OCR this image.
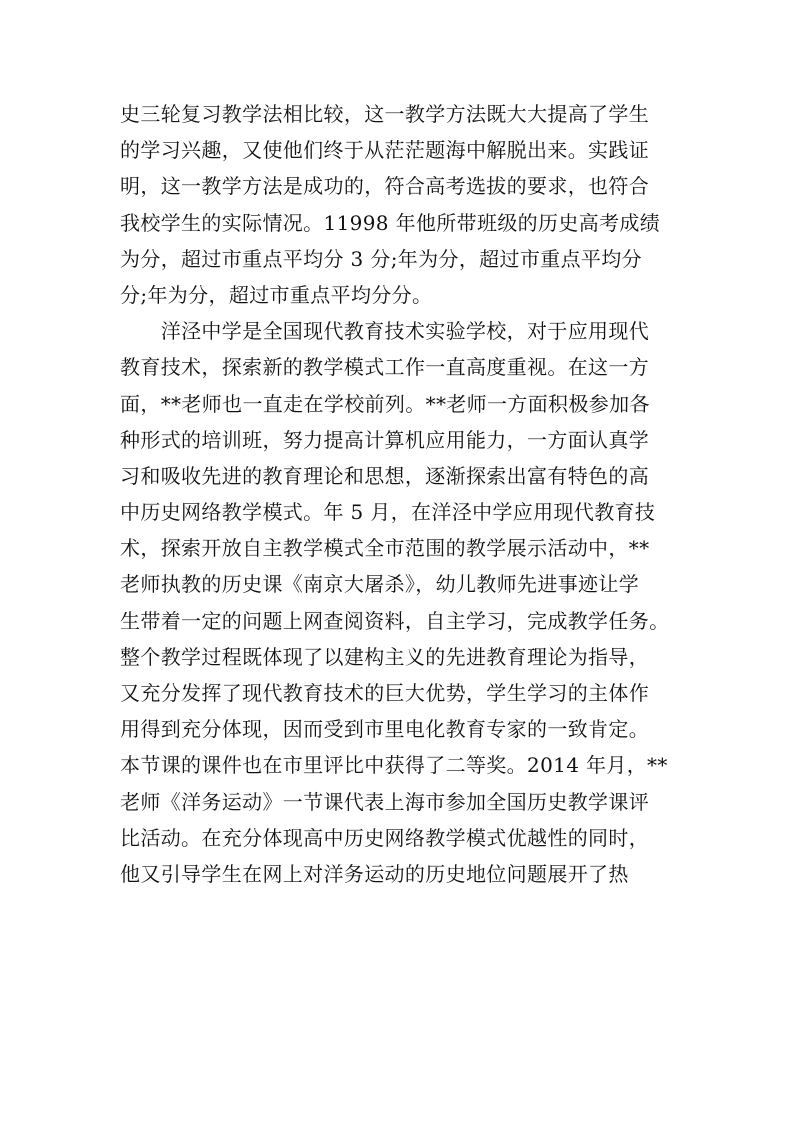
史三轮复习教学法相比较，这一教学方法既大大提高了学生
的学习兴趣，又使他们终于从茫茫题海中解脱出来。实践证
明，这一教学方法是成功的，符合高考选拔的要求，也符合
我校学生的实际情况。11998 年他所带班级的历史高考成绩
为分，超过市重点平均分 3 分;年为分，超过市重点平均分
分;年为分，超过市重点平均分分。
　　洋泾中学是全国现代教育技术实验学校，对于应用现代
教育技术，探索新的教学模式工作一直高度重视。在这一方
面，**老师也一直走在学校前列。**老师一方面积极参加各
种形式的培训班，努力提高计算机应用能力，一方面认真学
习和吸收先进的教育理论和思想，逐渐探索出富有特色的高
中历史网络教学模式。年 5 月，在洋泾中学应用现代教育技
术，探索开放自主教学模式全市范围的教学展示活动中，**
老师执教的历史课《南京大屠杀》，幼儿教师先进事迹让学
生带着一定的问题上网查阅资料，自主学习，完成教学任务。
整个教学过程既体现了以建构主义的先进教育理论为指导，
又充分发挥了现代教育技术的巨大优势，学生学习的主体作
用得到充分体现，因而受到市里电化教育专家的一致肯定。
本节课的课件也在市里评比中获得了二等奖。2014 年月，**
老师《洋务运动》一节课代表上海市参加全国历史教学课评
比活动。在充分体现高中历史网络教学模式优越性的同时，
他又引导学生在网上对洋务运动的历史地位问题展开了热
